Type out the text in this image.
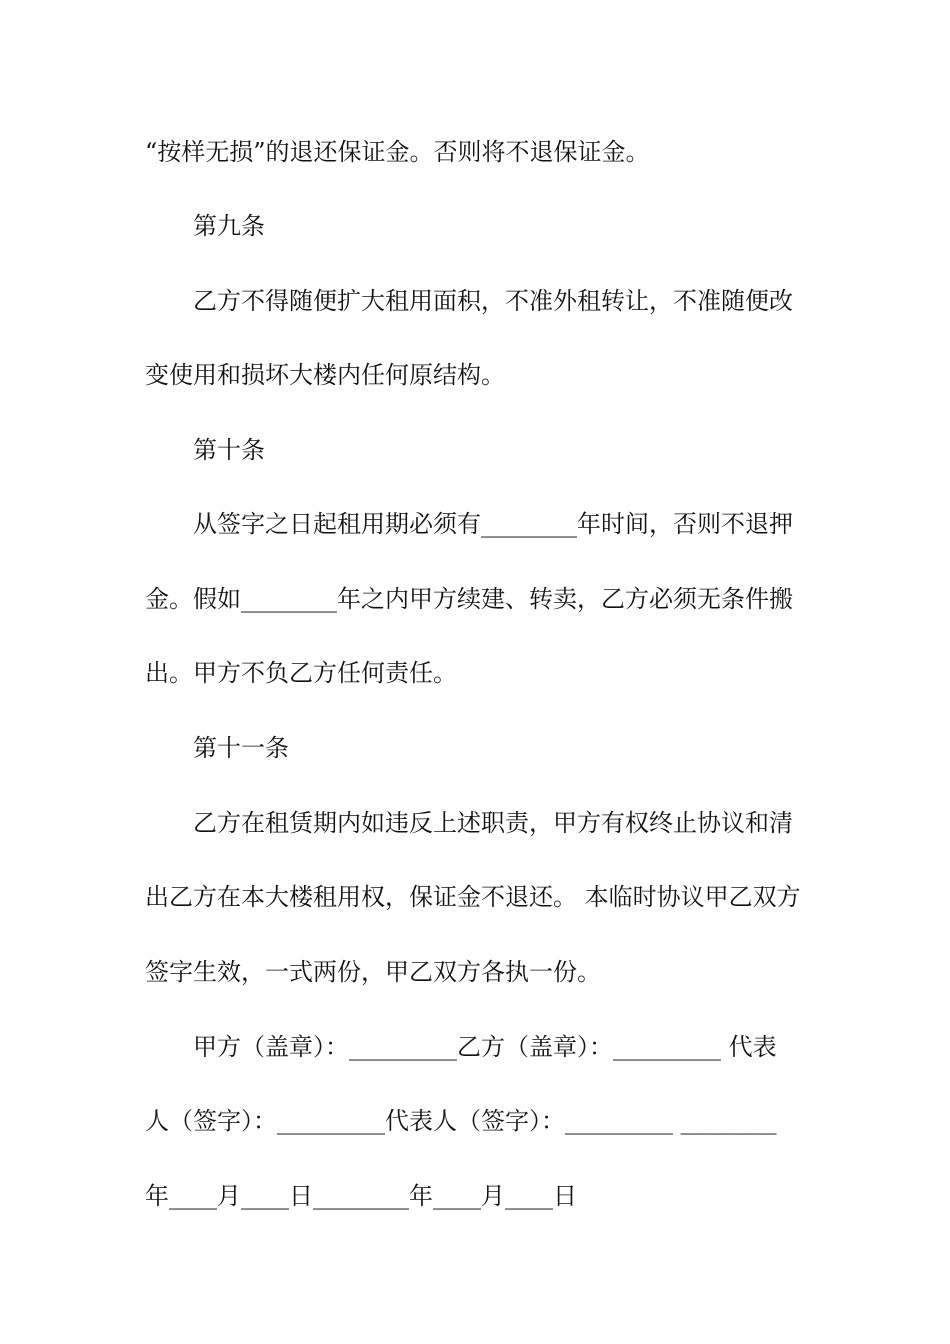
“按样无损”的退还保证金。否则将不退保证金。
第九条
乙方不得随便扩大租用面积，不准外租转让，不准随便改
变使用和损坏大楼内任何原结构。
第十条
从签字之日起租用期必须有________年时间，否则不退押
金。假如________年之内甲方续建、转卖，乙方必须无条件搬
出。甲方不负乙方任何责任。
第十一条
乙方在租赁期内如违反上述职责，甲方有权终止协议和清
出乙方在本大楼租用权，保证金不退还。 本临时协议甲乙双方
签字生效，一式两份，甲乙双方各执一份。
甲方（盖章）：_________乙方（盖章）：_________ 代表
人（签字）：_________代表人（签字）：_________ ________
年____月____日________年____月____日
